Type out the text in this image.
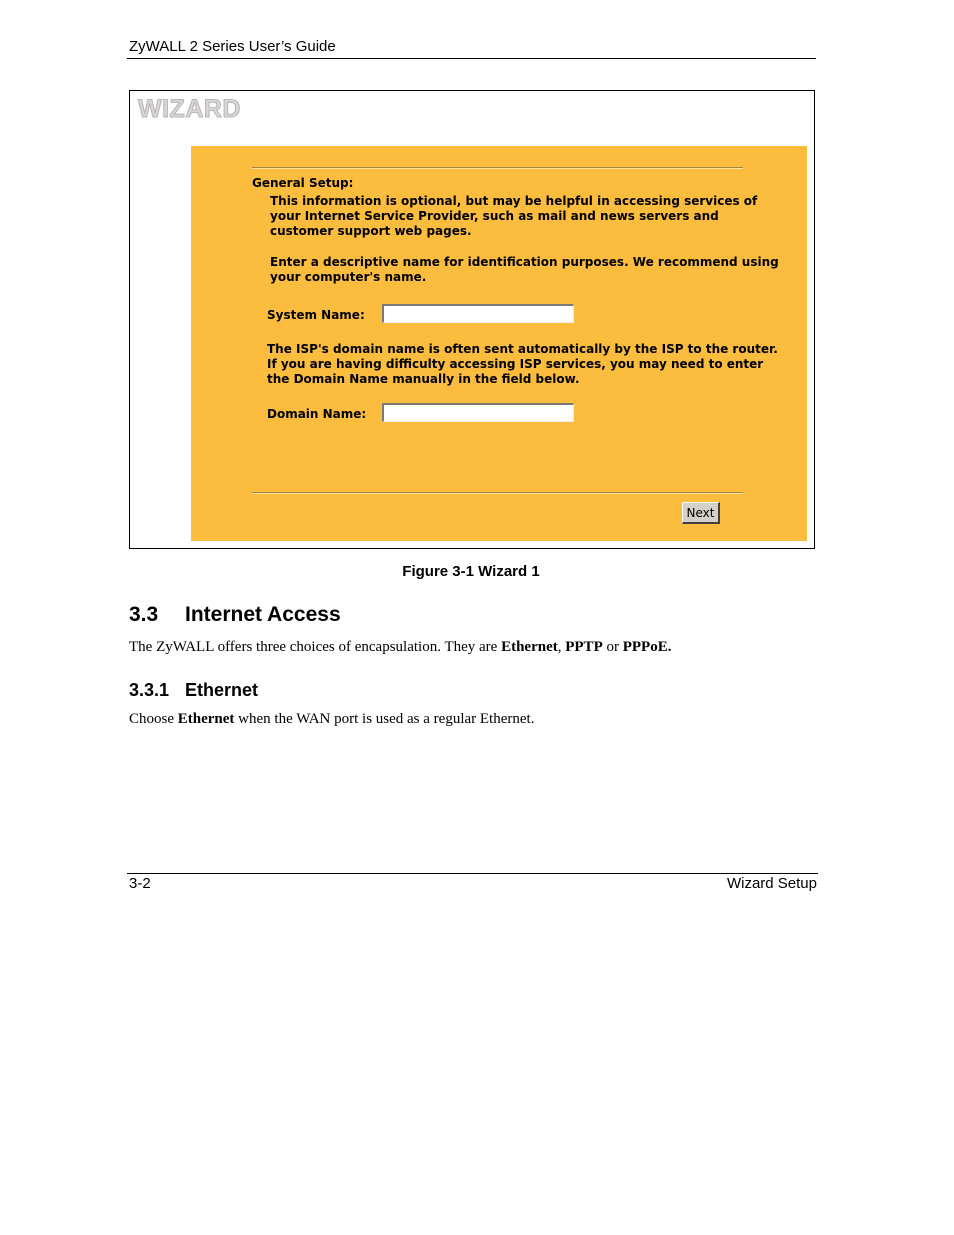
ZyWALL 2 Series User’s Guide
WIZARD
General Setup:
This information is optional, but may be helpful in accessing services of
your Internet Service Provider, such as mail and news servers and
customer support web pages.
Enter a descriptive name for identification purposes. We recommend using
your computer's name.
System Name:
The ISP's domain name is often sent automatically by the ISP to the router.
If you are having difficulty accessing ISP services, you may need to enter
the Domain Name manually in the field below.
Domain Name:
Next
Figure 3-1 Wizard 1
3.3 Internet Access
The ZyWALL offers three choices of encapsulation. They are Ethernet, PPTP or PPPoE.
3.3.1 Ethernet
Choose Ethernet when the WAN port is used as a regular Ethernet.
3-2	Wizard Setup
